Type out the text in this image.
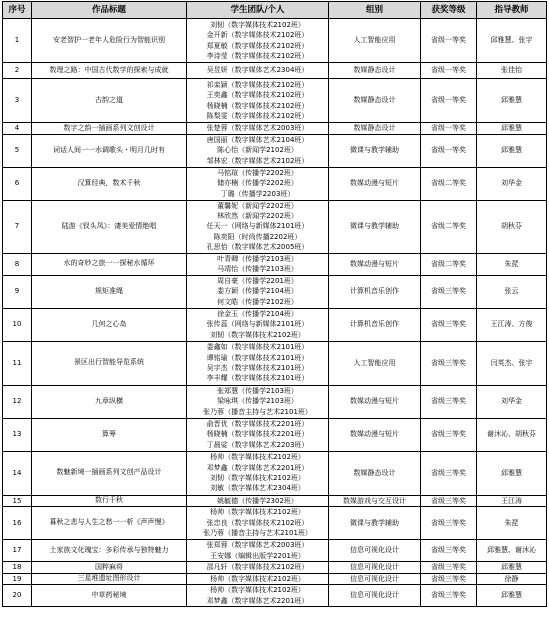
序号	作品标题	学生团队/个人	组别	获奖等级	指导教师
1	安老智护一老年人危险行为智能识别	刘韧（数字媒体技术2102班）
金开新（数字媒体技术2102班）
郑夏敏（数字媒体技术2102班）
李诗莹（数字媒体技术2102班）	人工智能应用	省级一等奖	邱雅慧、张宇
2	数理之路：中国古代数学的探索与成就	吴昱妍（数字媒体艺术2304班）	数媒静态设计	省级一等奖	张佳怡
3	古韵之道	祁栾颖（数字媒体技术2102班）
王奕鑫（数字媒体技术2102班）
杨晓楠（数字媒体技术2102班）
陈梨雯（数字媒体技术2102班）	数媒静态设计	省级一等奖	邱雅慧
4	数字之韵一插画系列文创设计	张楚蓉（数字媒体艺术2003班）	数媒静态设计	省级一等奖	邱雅慧
5	词话人间一一水调歌头・明月几时有	唐国丽（数字媒体艺术2104班）
陈心怡（新闻学2102班）
邹林宏（数字媒体艺术2102班）	微课与教学辅助	省级一等奖	邱雅慧
6	汉算经典，数术千秋	马铭瑄（传播学2202班）
储亦楠（传播学2202班）
丁璐（传播学2203班）	数媒动漫与短片	省级二等奖	刘华金
7	陆游《钗头凤》：凄美爱情绝唱	董馨妮（新闻学2202班）
林欣然（新闻学2202班）
任天一（网络与新媒体2101班）
陈奕阳（时尚传播2202班）
孔思怡（数字媒体艺术2005班）	微课与教学辅助	省级二等奖	胡秋芬
8	水的奇妙之旅一一探秘水循环	叶青卿（传播学2103班）
马靖怡（传播学2103班）	数媒动漫与短片	省级二等奖	朱琵
9	规矩准绳	周自豪（传播学2201班）
娄方颖（传播学2104班）
何文皓（传播学2102班）	计算机音乐创作	省级三等奖	张云
10	几何之心岛	徐金玉（传播学2104班）
张传蕊（网络与新媒体2101班）
刘韧（数字媒体技术2102班）	计算机音乐创作	省级三等奖	王江涛、方俊
11	景区出行智能导览系统	娄鑫如（数字媒体技术2101班）
谭铭瑜（数字媒体技术2101班）
吴宇杰（数字媒体技术2101班）
李丰耀（数字媒体技术2101班）	人工智能应用	省级三等奖	闫英杰、张宇
12	九章纵横	张郑慧（传播学2103班）
梁咏琪（传播学2103班）
张乃蓉（播音主持与艺术2101班）	数媒动漫与短片	省级三等奖	刘华金
13	算筹	俞晋优（数字媒体技术2201班）
杨晓楠（数字媒体技术2201班）
丁晨娑（数字媒体艺术2203班）	数媒动漫与短片	省级三等奖	谢沐沁、胡秋芬
14	数魅新境一插画系列文创产品设计	杨帅（数字媒体技术2102班）
邓梦鑫（数字媒体艺术2201班）
刘韧（数字媒体技术2102班）
刘敏（数字媒体艺术2304班）	数媒静态设计	省级三等奖	邱雅慧
15	数行千秋	姚毓德（传播学2302班）	数媒游戏与交互设计	省级三等奖	王江涛
16	暮秋之悲与人生之愁一一析《声声慢》	杨帅（数字媒体技术2102班）
张忠良（数字媒体技术2102班）
张乃蓉（播音主持与艺术2101班）	微课与教学辅助	省级三等奖	朱琵
17	土家族文化瑰宝：多彩传承与独特魅力	张郑蓉（数字媒体艺术2003班）
王安娜（编辑出版学2201班）	信息可视化设计	省级三等奖	邱雅慧、谢沐沁
18	国粹麻将	邵凡轩（数字媒体技术2102班）	信息可视化设计	省级三等奖	邱雅慧
19	三星堆遗址图形设计	杨帅（数字媒体技术2102班）	信息可视化设计	省级三等奖	徐静
20	中草药秘境	杨帅（数字媒体技术2102班）
邓梦鑫（数字媒体艺术2201班）	信息可视化设计	省级三等奖	邱雅慧
